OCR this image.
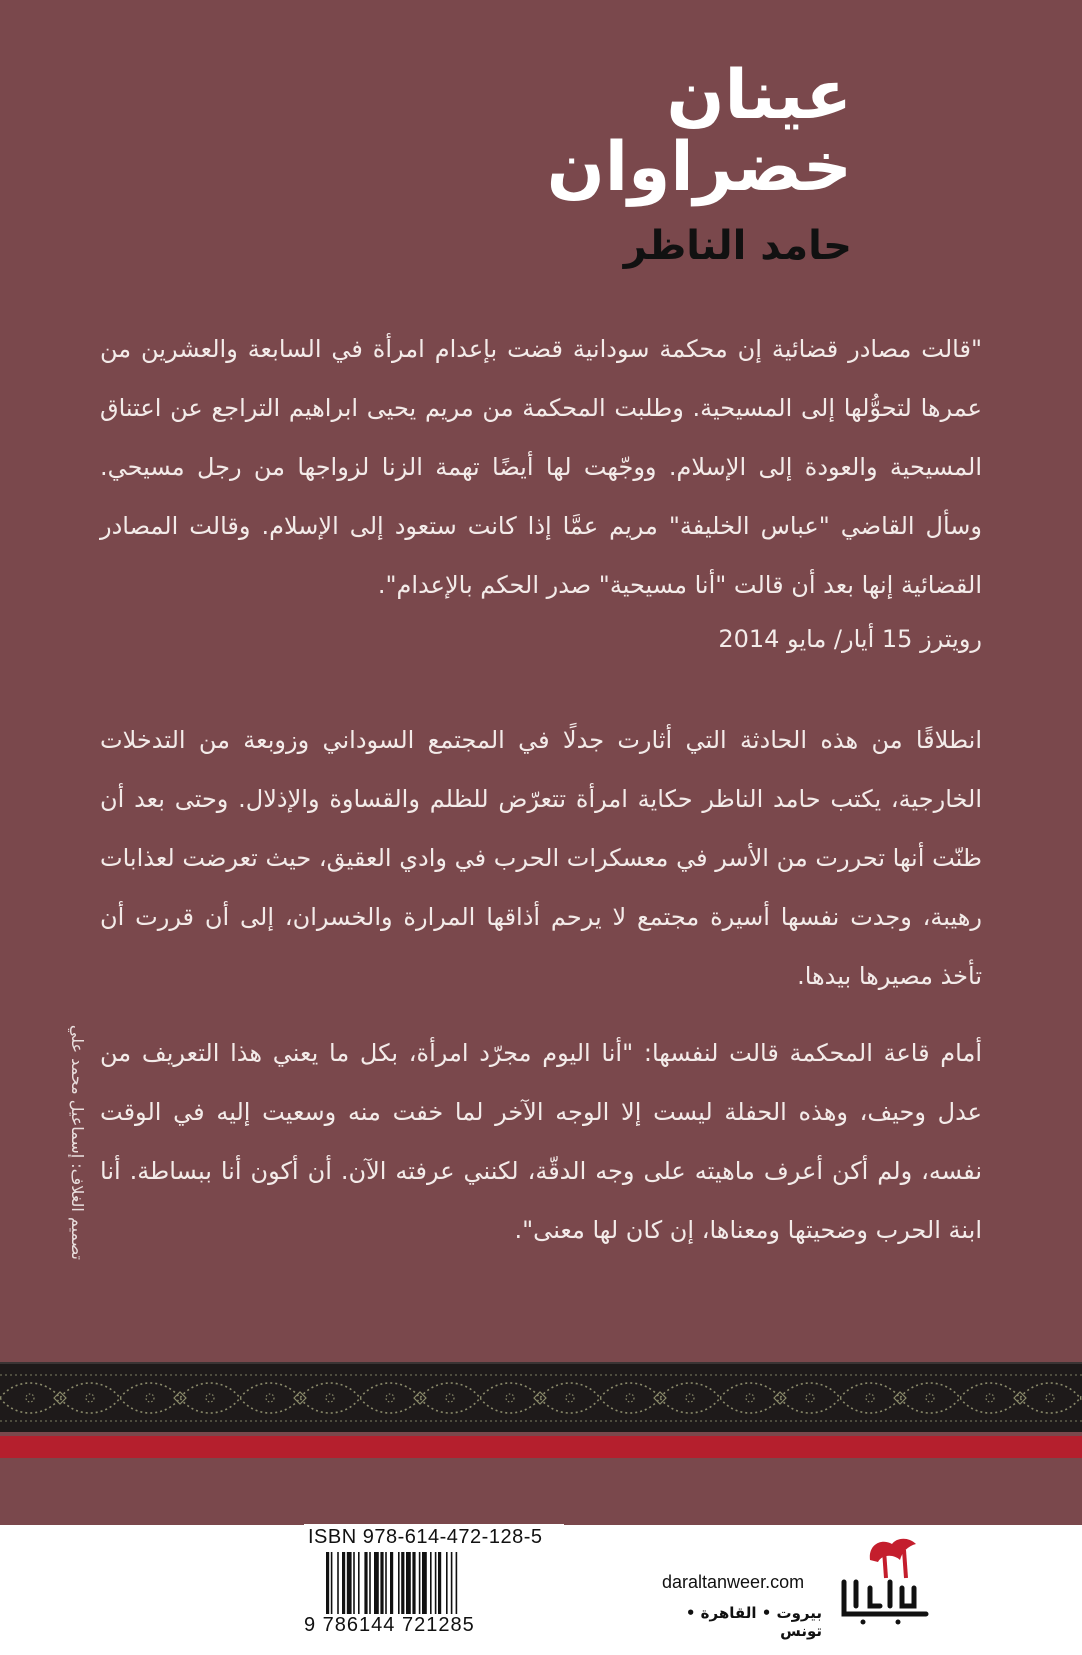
عينان
خضراوان
حامد الناظر

"قالت مصادر قضائية إن محكمة سودانية قضت بإعدام امرأة في السابعة والعشرين من عمرها لتحوُّلها إلى المسيحية. وطلبت المحكمة من مريم يحيى ابراهيم التراجع عن اعتناق المسيحية والعودة إلى الإسلام. ووجّهت لها أيضًا تهمة الزنا لزواجها من رجل مسيحي. وسأل القاضي "عباس الخليفة" مريم عمَّا إذا كانت ستعود إلى الإسلام. وقالت المصادر القضائية إنها بعد أن قالت "أنا مسيحية" صدر الحكم بالإعدام".

رويترز 15 أيار/ مايو 2014

انطلاقًا من هذه الحادثة التي أثارت جدلًا في المجتمع السوداني وزوبعة من التدخلات الخارجية، يكتب حامد الناظر حكاية امرأة تتعرّض للظلم والقساوة والإذلال. وحتى بعد أن ظنّت أنها تحررت من الأسر في معسكرات الحرب في وادي العقيق، حيث تعرضت لعذابات رهيبة، وجدت نفسها أسيرة مجتمع لا يرحم أذاقها المرارة والخسران، إلى أن قررت أن تأخذ مصيرها بيدها.

أمام قاعة المحكمة قالت لنفسها: "أنا اليوم مجرّد امرأة، بكل ما يعني هذا التعريف من عدل وحيف، وهذه الحفلة ليست إلا الوجه الآخر لما خفت منه وسعيت إليه في الوقت نفسه، ولم أكن أعرف ماهيته على وجه الدقّة، لكنني عرفته الآن. أن أكون أنا ببساطة. أنا ابنة الحرب وضحيتها ومعناها، إن كان لها معنى".

تصميم الغلاف: إسماعيل محمد علي
ISBN 978-614-472-128-5
9 786144 721285
daraltanweer.com
بيروت • القاهرة • تونس
